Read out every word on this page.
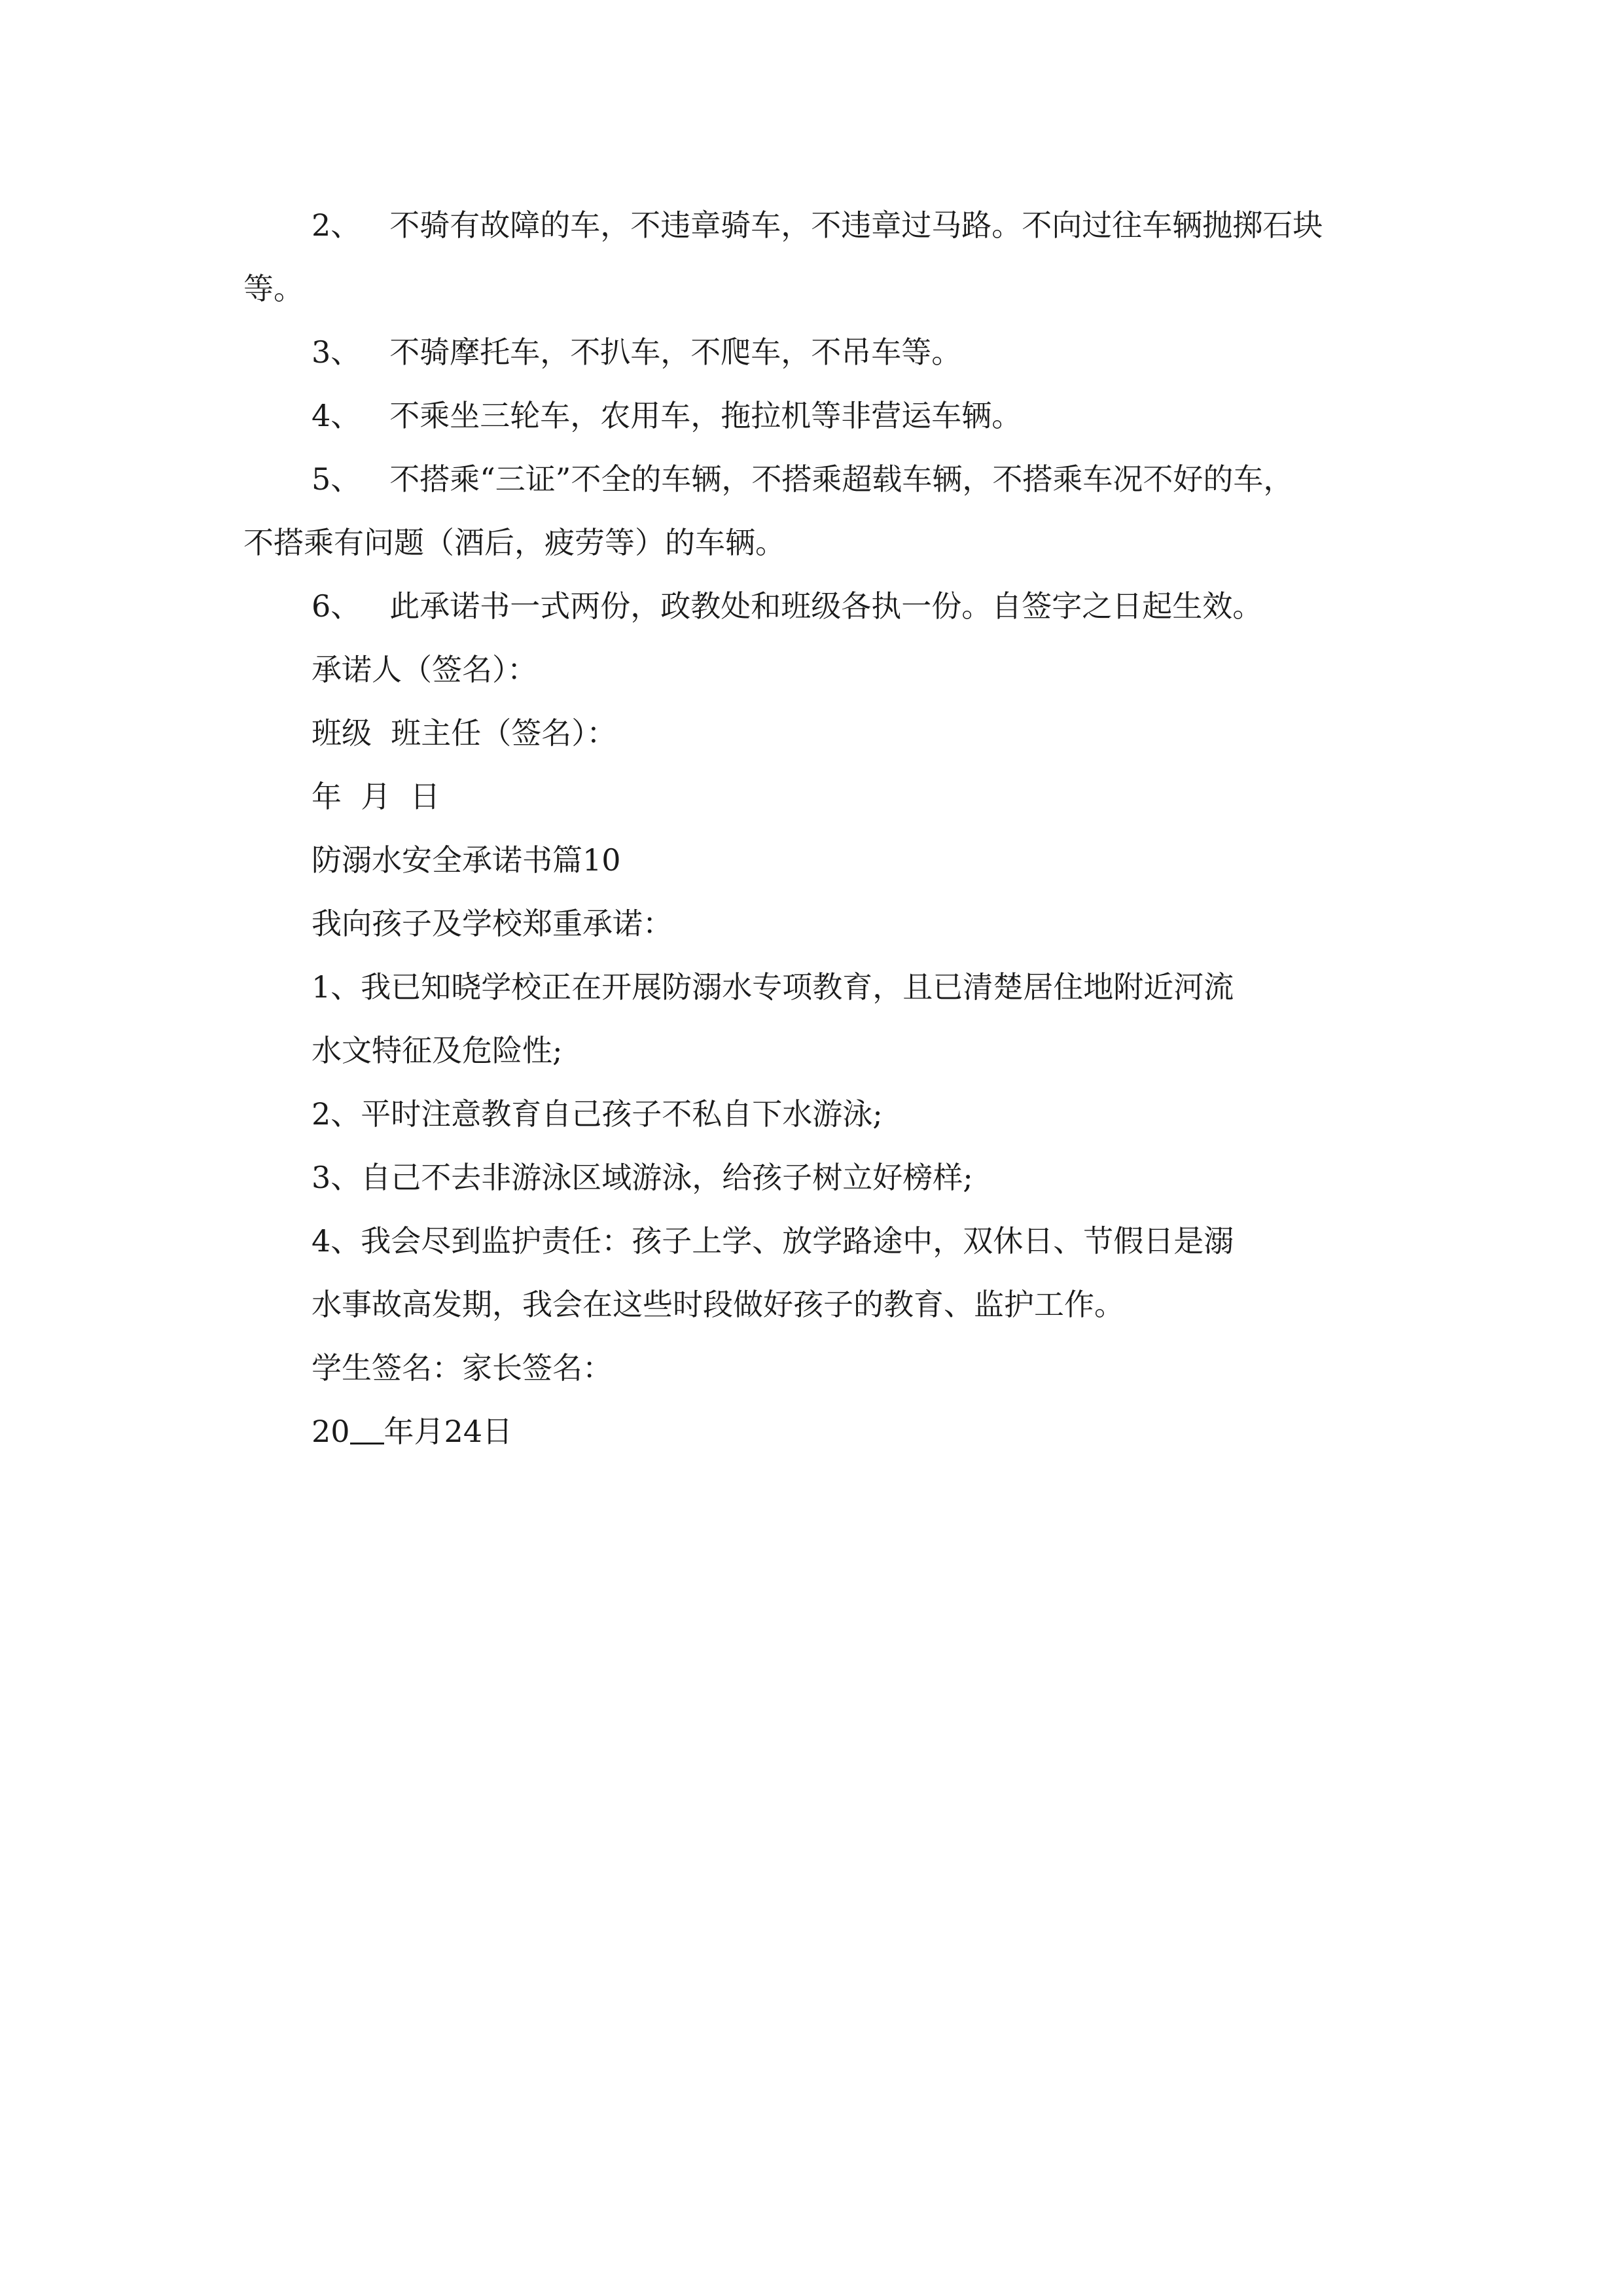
2、 不骑有故障的车，不违章骑车，不违章过马路。不向过往车辆抛掷石块

等。

3、 不骑摩托车，不扒车，不爬车，不吊车等。

4、 不乘坐三轮车，农用车，拖拉机等非营运车辆。

5、 不搭乘“三证”不全的车辆，不搭乘超载车辆，不搭乘车况不好的车，

不搭乘有问题（酒后，疲劳等）的车辆。

6、 此承诺书一式两份，政教处和班级各执一份。自签字之日起生效。

承诺人（签名）：

班级  班主任（签名）：

年  月  日

防溺水安全承诺书篇10

我向孩子及学校郑重承诺：

1、我已知晓学校正在开展防溺水专项教育，且已清楚居住地附近河流

水文特征及危险性;

2、平时注意教育自己孩子不私自下水游泳;

3、自己不去非游泳区域游泳，给孩子树立好榜样;

4、我会尽到监护责任：孩子上学、放学路途中，双休日、节假日是溺

水事故高发期，我会在这些时段做好孩子的教育、监护工作。

学生签名：家长签名：

20 年月24日
